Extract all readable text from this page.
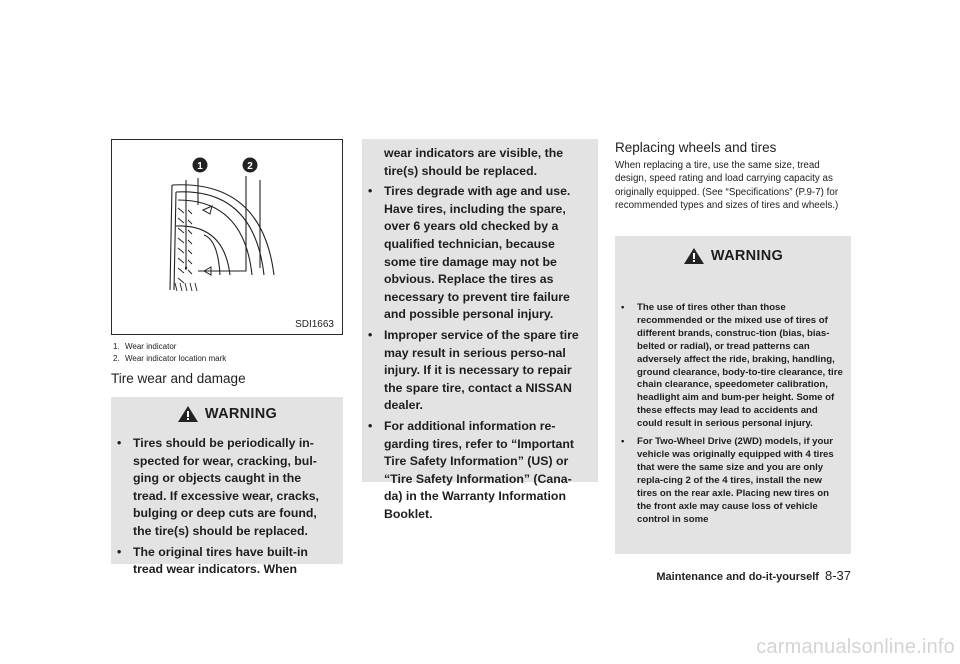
1	2
SDI1663
1. Wear indicator
2. Wear indicator location mark
Tire wear and damage
WARNING
• Tires should be periodically in-spected for wear, cracking, bul-ging or objects caught in the tread. If excessive wear, cracks, bulging or deep cuts are found, the tire(s) should be replaced.
• The original tires have built-in tread wear indicators. When
wear indicators are visible, the tire(s) should be replaced.
• Tires degrade with age and use. Have tires, including the spare, over 6 years old checked by a qualified technician, because some tire damage may not be obvious. Replace the tires as necessary to prevent tire failure and possible personal injury.
• Improper service of the spare tire may result in serious perso-nal injury. If it is necessary to repair the spare tire, contact a NISSAN dealer.
• For additional information re-garding tires, refer to “Important Tire Safety Information” (US) or “Tire Safety Information” (Cana-da) in the Warranty Information Booklet.
Replacing wheels and tires
When replacing a tire, use the same size, tread design, speed rating and load carrying capacity as originally equipped. (See “Specifications” (P.9-7) for recommended types and sizes of tires and wheels.)
WARNING
• The use of tires other than those recommended or the mixed use of tires of different brands, construc-tion (bias, bias-belted or radial), or tread patterns can adversely affect the ride, braking, handling, ground clearance, body-to-tire clearance, tire chain clearance, speedometer calibration, headlight aim and bum-per height. Some of these effects may lead to accidents and could result in serious personal injury.
• For Two-Wheel Drive (2WD) models, if your vehicle was originally equipped with 4 tires that were the same size and you are only repla-cing 2 of the 4 tires, install the new tires on the rear axle. Placing new tires on the front axle may cause loss of vehicle control in some
Maintenance and do-it-yourself 8-37
carmanualsonline.info
